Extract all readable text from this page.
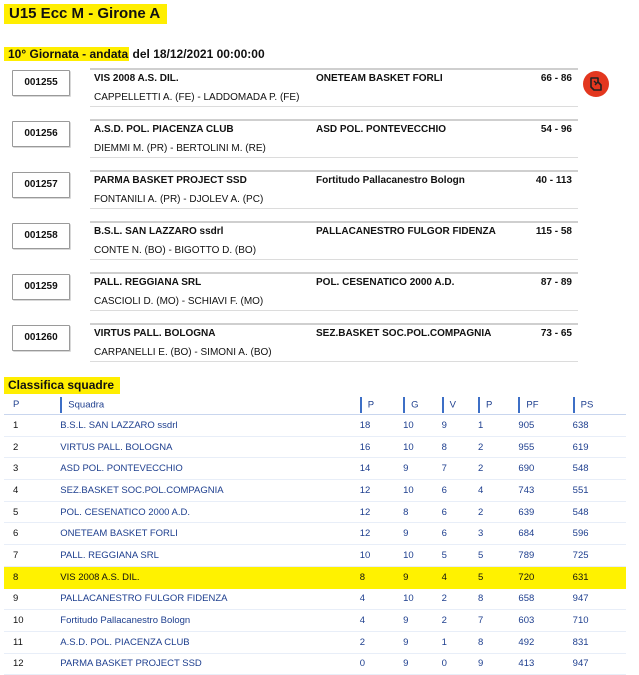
U15 Ecc M - Girone A
10° Giornata - andata del 18/12/2021 00:00:00
001255	VIS 2008 A.S. DIL.	ONETEAM BASKET FORLI	66 - 86
CAPPELLETTI A. (FE) - LADDOMADA P. (FE)
001256	A.S.D. POL. PIACENZA CLUB	ASD POL. PONTEVECCHIO	54 - 96
DIEMMI M. (PR) - BERTOLINI M. (RE)
001257	PARMA BASKET PROJECT SSD	Fortitudo Pallacanestro Bologn	40 - 113
FONTANILI A. (PR) - DJOLEV A. (PC)
001258	B.S.L. SAN LAZZARO ssdrl	PALLACANESTRO FULGOR FIDENZA	115 - 58
CONTE N. (BO) - BIGOTTO D. (BO)
001259	PALL. REGGIANA SRL	POL. CESENATICO 2000 A.D.	87 - 89
CASCIOLI D. (MO) - SCHIAVI F. (MO)
001260	VIRTUS PALL. BOLOGNA	SEZ.BASKET SOC.POL.COMPAGNIA	73 - 65
CARPANELLI E. (BO) - SIMONI A. (BO)
Classifica squadre
P	Squadra	P	G	V	P	PF	PS
1	B.S.L. SAN LAZZARO ssdrl	18	10	9	1	905	638
2	VIRTUS PALL. BOLOGNA	16	10	8	2	955	619
3	ASD POL. PONTEVECCHIO	14	9	7	2	690	548
4	SEZ.BASKET SOC.POL.COMPAGNIA	12	10	6	4	743	551
5	POL. CESENATICO 2000 A.D.	12	8	6	2	639	548
6	ONETEAM BASKET FORLI	12	9	6	3	684	596
7	PALL. REGGIANA SRL	10	10	5	5	789	725
8	VIS 2008 A.S. DIL.	8	9	4	5	720	631
9	PALLACANESTRO FULGOR FIDENZA	4	10	2	8	658	947
10	Fortitudo Pallacanestro Bologn	4	9	2	7	603	710
11	A.S.D. POL. PIACENZA CLUB	2	9	1	8	492	831
12	PARMA BASKET PROJECT SSD	0	9	0	9	413	947
